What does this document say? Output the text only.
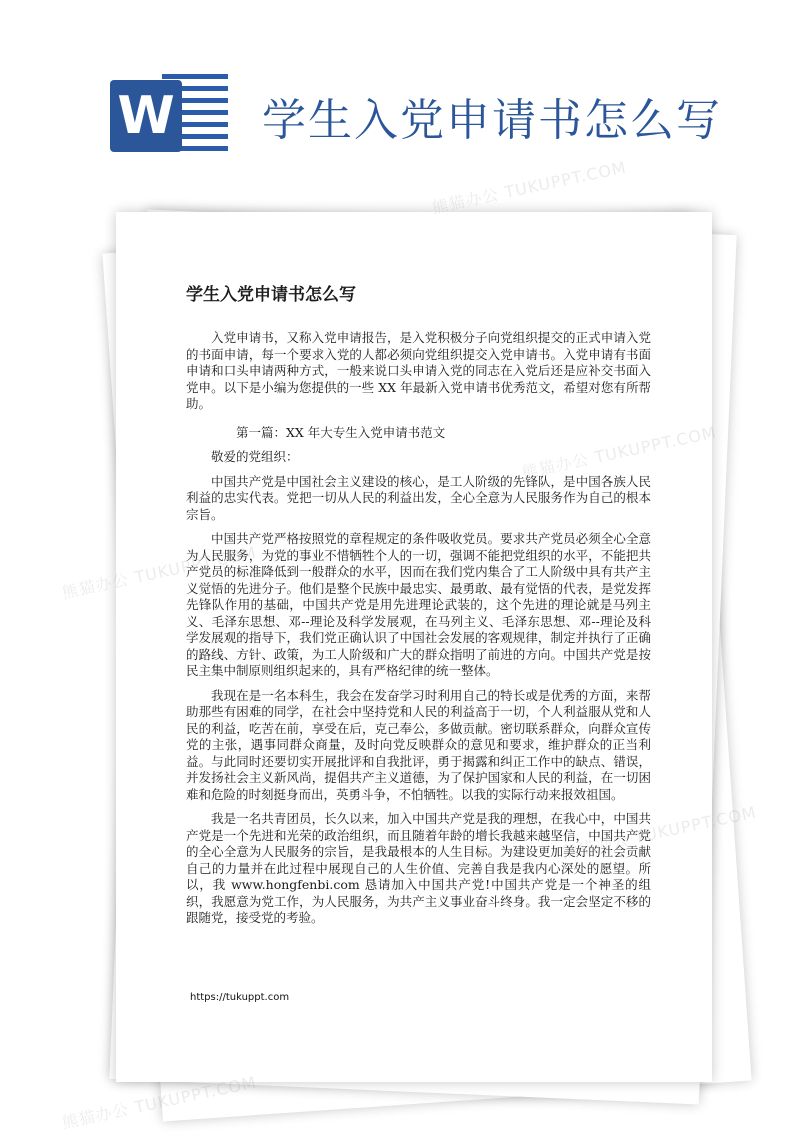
W 学生入党申请书怎么写
学生入党申请书怎么写

入党申请书，又称入党申请报告，是入党积极分子向党组织提交的正式申请入党的书面申请，每一个要求入党的人都必须向党组织提交入党申请书。入党申请有书面申请和口头申请两种方式，一般来说口头申请入党的同志在入党后还是应补交书面入党申。以下是小编为您提供的一些 XX 年最新入党申请书优秀范文，希望对您有所帮助。

第一篇：XX 年大专生入党申请书范文

敬爱的党组织：

中国共产党是中国社会主义建设的核心，是工人阶级的先锋队，是中国各族人民利益的忠实代表。党把一切从人民的利益出发，全心全意为人民服务作为自己的根本宗旨。

中国共产党严格按照党的章程规定的条件吸收党员。要求共产党员必须全心全意为人民服务，为党的事业不惜牺牲个人的一切，强调不能把党组织的水平，不能把共产党员的标准降低到一般群众的水平，因而在我们党内集合了工人阶级中具有共产主义觉悟的先进分子。他们是整个民族中最忠实、最勇敢、最有觉悟的代表，是党发挥先锋队作用的基础，中国共产党是用先进理论武装的，这个先进的理论就是马列主义、毛泽东思想、邓--理论及科学发展观，在马列主义、毛泽东思想、邓--理论及科学发展观的指导下，我们党正确认识了中国社会发展的客观规律，制定并执行了正确的路线、方针、政策，为工人阶级和广大的群众指明了前进的方向。中国共产党是按民主集中制原则组织起来的，具有严格纪律的统一整体。

我现在是一名本科生，我会在发奋学习时利用自己的特长或是优秀的方面，来帮助那些有困难的同学，在社会中坚持党和人民的利益高于一切，个人利益服从党和人民的利益，吃苦在前，享受在后，克己奉公，多做贡献。密切联系群众，向群众宣传党的主张，遇事同群众商量，及时向党反映群众的意见和要求，维护群众的正当利益。与此同时还要切实开展批评和自我批评，勇于揭露和纠正工作中的缺点、错误，并发扬社会主义新风尚，提倡共产主义道德，为了保护国家和人民的利益，在一切困难和危险的时刻挺身而出，英勇斗争，不怕牺牲。以我的实际行动来报效祖国。

我是一名共青团员，长久以来，加入中国共产党是我的理想，在我心中，中国共产党是一个先进和光荣的政治组织，而且随着年龄的增长我越来越坚信，中国共产党的全心全意为人民服务的宗旨，是我最根本的人生目标。为建设更加美好的社会贡献自己的力量并在此过程中展现自己的人生价值、完善自我是我内心深处的愿望。所以，我 www.hongfenbi.com 恳请加入中国共产党!中国共产党是一个神圣的组织，我愿意为党工作，为人民服务，为共产主义事业奋斗终身。我一定会坚定不移的跟随党，接受党的考验。

https://tukuppt.com
熊猫办公 TUKUPPT.COM
熊猫办公
熊猫办公 TUKUPPT.COM
